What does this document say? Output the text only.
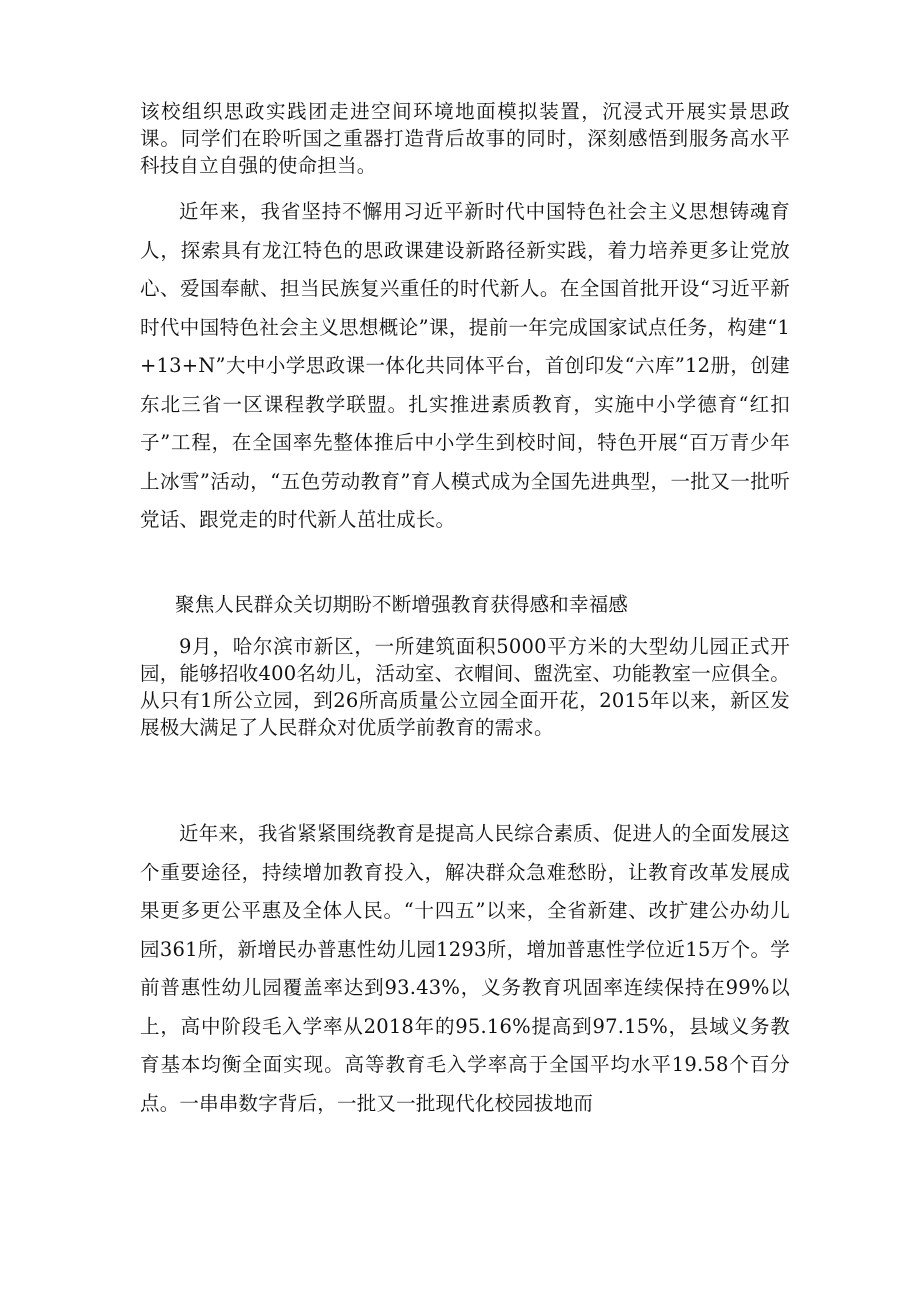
该校组织思政实践团走进空间环境地面模拟装置，沉浸式开展实景思政课。同学们在聆听国之重器打造背后故事的同时，深刻感悟到服务高水平科技自立自强的使命担当。

近年来，我省坚持不懈用习近平新时代中国特色社会主义思想铸魂育人，探索具有龙江特色的思政课建设新路径新实践，着力培养更多让党放心、爱国奉献、担当民族复兴重任的时代新人。在全国首批开设“习近平新时代中国特色社会主义思想概论”课，提前一年完成国家试点任务，构建“1+13+N”大中小学思政课一体化共同体平台，首创印发“六库”12册，创建东北三省一区课程教学联盟。扎实推进素质教育，实施中小学德育“红扣子”工程，在全国率先整体推后中小学生到校时间，特色开展“百万青少年上冰雪”活动，“五色劳动教育”育人模式成为全国先进典型，一批又一批听党话、跟党走的时代新人茁壮成长。

聚焦人民群众关切期盼不断增强教育获得感和幸福感

9月，哈尔滨市新区，一所建筑面积5000平方米的大型幼儿园正式开园，能够招收400名幼儿，活动室、衣帽间、盥洗室、功能教室一应俱全。从只有1所公立园，到26所高质量公立园全面开花，2015年以来，新区发展极大满足了人民群众对优质学前教育的需求。

近年来，我省紧紧围绕教育是提高人民综合素质、促进人的全面发展这个重要途径，持续增加教育投入，解决群众急难愁盼，让教育改革发展成果更多更公平惠及全体人民。“十四五”以来，全省新建、改扩建公办幼儿园361所，新增民办普惠性幼儿园1293所，增加普惠性学位近15万个。学前普惠性幼儿园覆盖率达到93.43%，义务教育巩固率连续保持在99%以上，高中阶段毛入学率从2018年的95.16%提高到97.15%，县域义务教育基本均衡全面实现。高等教育毛入学率高于全国平均水平19.58个百分点。一串串数字背后，一批又一批现代化校园拔地而
